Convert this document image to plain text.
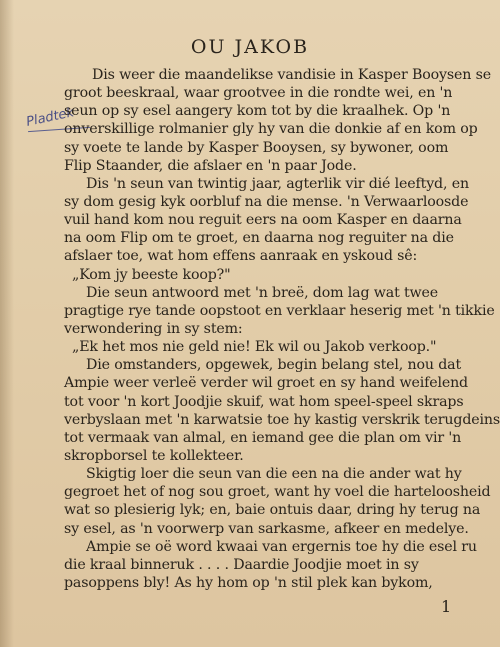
OU JAKOB
Pladtek
Dis weer die maandelikse vandisie in Kasper Booysen se
groot beeskraal, waar grootvee in die rondte wei, en 'n
seun op sy esel aangery kom tot by die kraalhek. Op 'n
onverskillige rolmanier gly hy van die donkie af en kom op
sy voete te lande by Kasper Booysen, sy bywoner, oom
Flip Staander, die afslaer en 'n paar Jode.
Dis 'n seun van twintig jaar, agterlik vir dié leeftyd, en
sy dom gesig kyk oorbluf na die mense. 'n Verwaarloosde
vuil hand kom nou reguit eers na oom Kasper en daarna
na oom Flip om te groet, en daarna nog reguiter na die
afslaer toe, wat hom effens aanraak en yskoud sê:
„Kom jy beeste koop?"
Die seun antwoord met 'n breë, dom lag wat twee
pragtige rye tande oopstoot en verklaar heserig met 'n tikkie
verwondering in sy stem:
„Ek het mos nie geld nie! Ek wil ou Jakob verkoop."
Die omstanders, opgewek, begin belang stel, nou dat
Ampie weer verleë verder wil groet en sy hand weifelend
tot voor 'n kort Joodjie skuif, wat hom speel-speel skraps
verbyslaan met 'n karwatsie toe hy kastig verskrik terugdeins
tot vermaak van almal, en iemand gee die plan om vir 'n
skropborsel te kollekteer.
Skigtig loer die seun van die een na die ander wat hy
gegroet het of nog sou groet, want hy voel die harteloosheid
wat so plesierig lyk; en, baie ontuis daar, dring hy terug na
sy esel, as 'n voorwerp van sarkasme, afkeer en medelye.
Ampie se oë word kwaai van ergernis toe hy die esel ru
die kraal binneruk . . . . Daardie Joodjie moet in sy
pasoppens bly! As hy hom op 'n stil plek kan bykom,
1
